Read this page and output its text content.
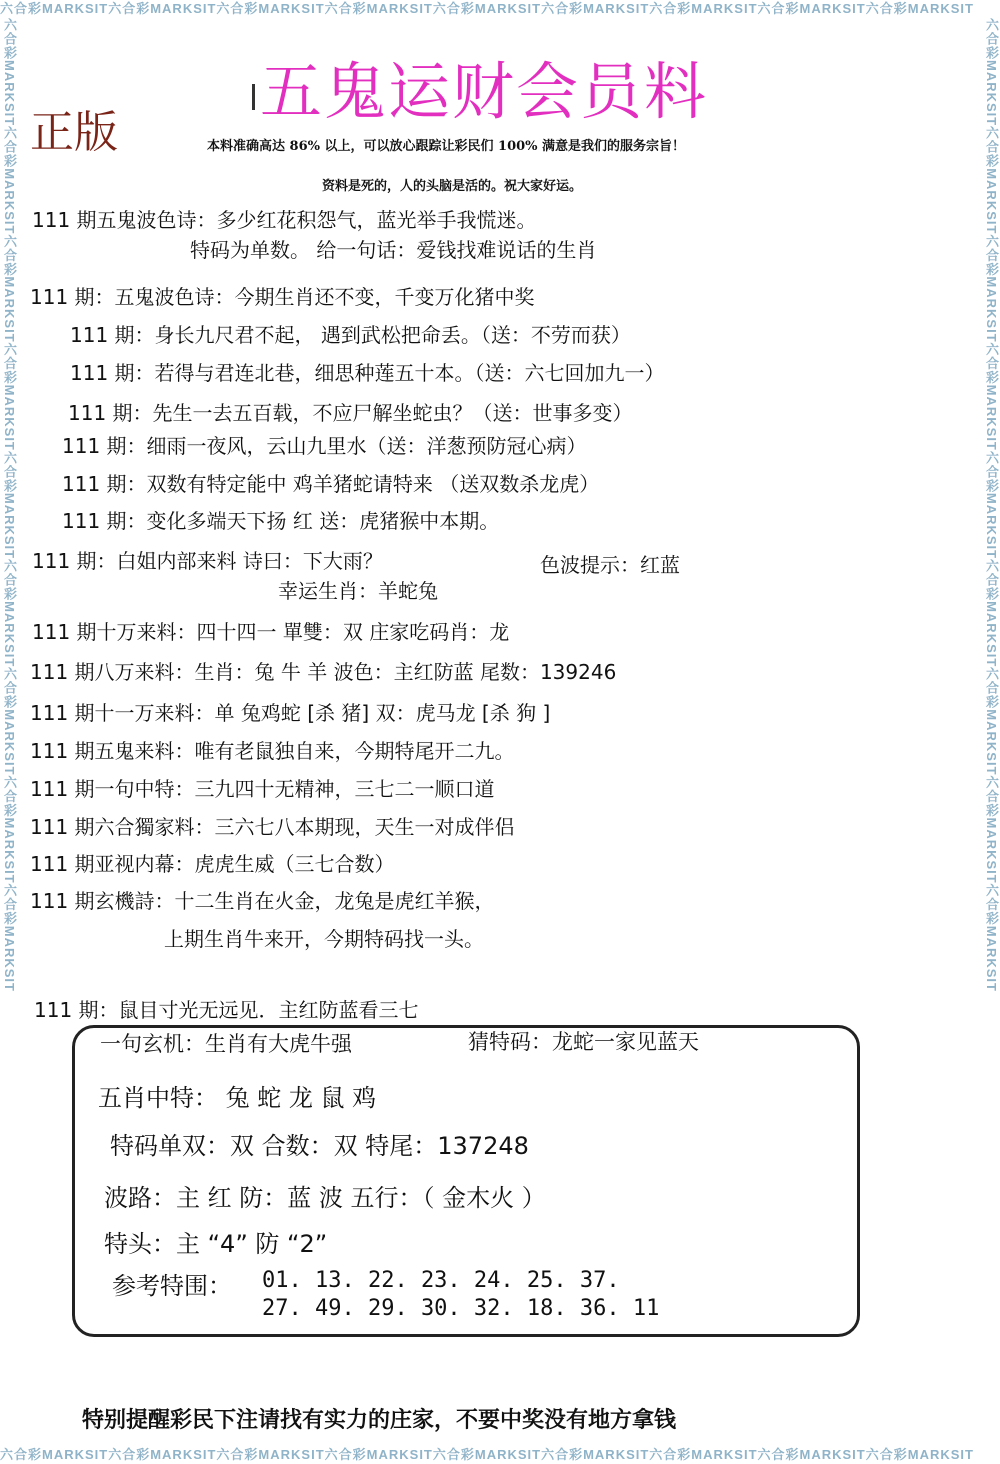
六合彩MARKSIT六合彩MARKSIT六合彩MARKSIT六合彩MARKSIT六合彩MARKSIT六合彩MARKSIT六合彩MARKSIT六合彩MARKSIT六合彩MARKSIT
六合彩MARKSIT六合彩MARKSIT六合彩MARKSIT六合彩MARKSIT六合彩MARKSIT六合彩MARKSIT六合彩MARKSIT六合彩MARKSIT六合彩MARKSIT
六合彩MARKSIT六合彩MARKSIT六合彩MARKSIT六合彩MARKSIT六合彩MARKSIT六合彩MARKSIT六合彩MARKSIT六合彩MARKSIT六合彩MARKSIT	六合彩MARKSIT六合彩MARKSIT六合彩MARKSIT六合彩MARKSIT六合彩MARKSIT六合彩MARKSIT六合彩MARKSIT六合彩MARKSIT六合彩MARKSIT
五鬼运财会员料
正版	本料准确高达 86% 以上，可以放心跟踪让彩民们 100% 满意是我们的服务宗旨！
资料是死的，人的头脑是活的。祝大家好运。
111 期五鬼波色诗：多少红花积怨气，蓝光举手我慌迷。
特码为单数。 给一句话：爱钱找难说话的生肖
111 期：五鬼波色诗：今期生肖还不变，千变万化猪中奖
111 期：身长九尺君不起， 遇到武松把命丢。（送：不劳而获）
111 期：若得与君连北巷，细思种莲五十本。（送：六七回加九一）
111 期：先生一去五百载，不应尸解坐蛇虫？（送：世事多变）
111 期：细雨一夜风，云山九里水（送：洋葱预防冠心病）
111 期：双数有特定能中 鸡羊猪蛇请特来 （送双数杀龙虎）
111 期：变化多端天下扬 红 送：虎猪猴中本期。
111 期：白姐内部来料 诗曰：下大雨？	色波提示：红蓝
幸运生肖：羊蛇兔
111 期十万来料：四十四一 單雙：双 庄家吃码肖：龙
111 期八万来料：生肖：兔 牛 羊 波色：主红防蓝 尾数：139246
111 期十一万来料：单 兔鸡蛇 [杀 猪] 双：虎马龙 [杀 狗 ]
111 期五鬼来料：唯有老鼠独自来，今期特尾开二九。
111 期一句中特：三九四十无精神，三七二一顺口道
111 期六合獨家料：三六七八本期现，天生一对成伴侣
111 期亚视内幕：虎虎生威（三七合数）
111 期玄機詩：十二生肖在火金，龙兔是虎红羊猴，
上期生肖牛来开，今期特码找一头。
111 期：鼠目寸光无远见．主红防蓝看三七
一句玄机：生肖有大虎牛强	猜特码：龙蛇一家见蓝天
五肖中特： 兔 蛇 龙 鼠 鸡
特码单双：双 合数：双 特尾：137248
波路：主 红 防：蓝 波 五行：（ 金木火 ）
特头：主 “4” 防 “2”
参考特围： 01. 13. 22. 23. 24. 25. 37.
27. 49. 29. 30. 32. 18. 36. 11
特别提醒彩民下注请找有实力的庄家，不要中奖没有地方拿钱
